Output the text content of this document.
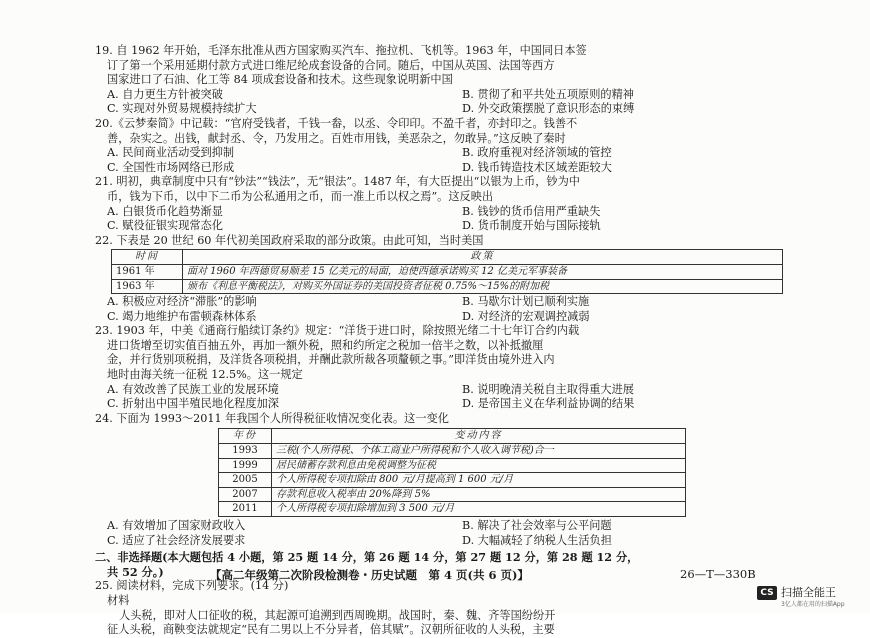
19. 自 1962 年开始，毛泽东批准从西方国家购买汽车、拖拉机、飞机等。1963 年，中国同日本签
订了第一个采用延期付款方式进口维尼纶成套设备的合同。随后，中国从英国、法国等西方
国家进口了石油、化工等 84 项成套设备和技术。这些现象说明新中国
A. 自力更生方针被突破	B. 贯彻了和平共处五项原则的精神
C. 实现对外贸易规模持续扩大	D. 外交政策摆脱了意识形态的束缚
20.《云梦秦简》中记载：“官府受钱者，千钱一畚，以丞、令印印。不盈千者，亦封印之。钱善不
善，杂实之。出钱，献封丞、令，乃发用之。百姓市用钱，美恶杂之，勿敢异。”这反映了秦时
A. 民间商业活动受到抑制	B. 政府重视对经济领域的管控
C. 全国性市场网络已形成	D. 钱币铸造技术区域差距较大
21. 明初，典章制度中只有“钞法”“钱法”，无“银法”。1487 年，有大臣提出“以银为上币，钞为中
币，钱为下币，以中下二币为公私通用之币，而一准上币以权之焉”。这反映出
A. 白银货币化趋势渐显	B. 钱钞的货币信用严重缺失
C. 赋役征银实现常态化	D. 货币制度开始与国际接轨
22. 下表是 20 世纪 60 年代初美国政府采取的部分政策。由此可知，当时美国
时间	政策
1961 年	面对 1960 年西德贸易顺差 15 亿美元的局面，迫使西德承诺购买 12 亿美元军事装备
1963 年	颁布《利息平衡税法》，对购买外国证券的美国投资者征税 0.75%～15%的附加税
A. 积极应对经济“滞胀”的影响	B. 马歇尔计划已顺利实施
C. 竭力地维护布雷顿森林体系	D. 对经济的宏观调控减弱
23. 1903 年，中美《通商行船续订条约》规定：“洋货于进口时，除按照光绪二十七年订合约内载
进口货增至切实值百抽五外，再加一额外税，照和约所定之税加一倍半之数，以补抵撤厘
金，并行货别项税捐，及洋货各项税捐，并酬此款所裁各项釐顿之事。”即洋货由境外进入内
地时由海关统一征税 12.5%。这一规定
A. 有效改善了民族工业的发展环境	B. 说明晚清关税自主取得重大进展
C. 折射出中国半殖民地化程度加深	D. 是帝国主义在华利益协调的结果
24. 下面为 1993～2011 年我国个人所得税征收情况变化表。这一变化
年份	变动内容
1993	三税(个人所得税、个体工商业户所得税和个人收入调节税)合一
1999	居民储蓄存款利息由免税调整为征税
2005	个人所得税专项扣除由 800 元/月提高到 1 600 元/月
2007	存款利息收入税率由 20%降到 5%
2011	个人所得税专项扣除增加到 3 500 元/月
A. 有效增加了国家财政收入	B. 解决了社会效率与公平问题
C. 适应了社会经济发展要求	D. 大幅减轻了纳税人生活负担
二、非选择题(本大题包括 4 小题，第 25 题 14 分，第 26 题 14 分，第 27 题 12 分，第 28 题 12 分，
共 52 分。)
25. 阅读材料，完成下列要求。(14 分)
材料
人头税，即对人口征收的税，其起源可追溯到西周晚期。战国时，秦、魏、齐等国纷纷开
征人头税，商鞅变法就规定“民有二男以上不分异者，倍其赋”。汉朝所征收的人头税，主要
【高二年级第二次阶段检测卷・历史试题　第 4 页(共 6 页)】	26—T—330B
CS 扫描全能王
3亿人都在用的扫描App
